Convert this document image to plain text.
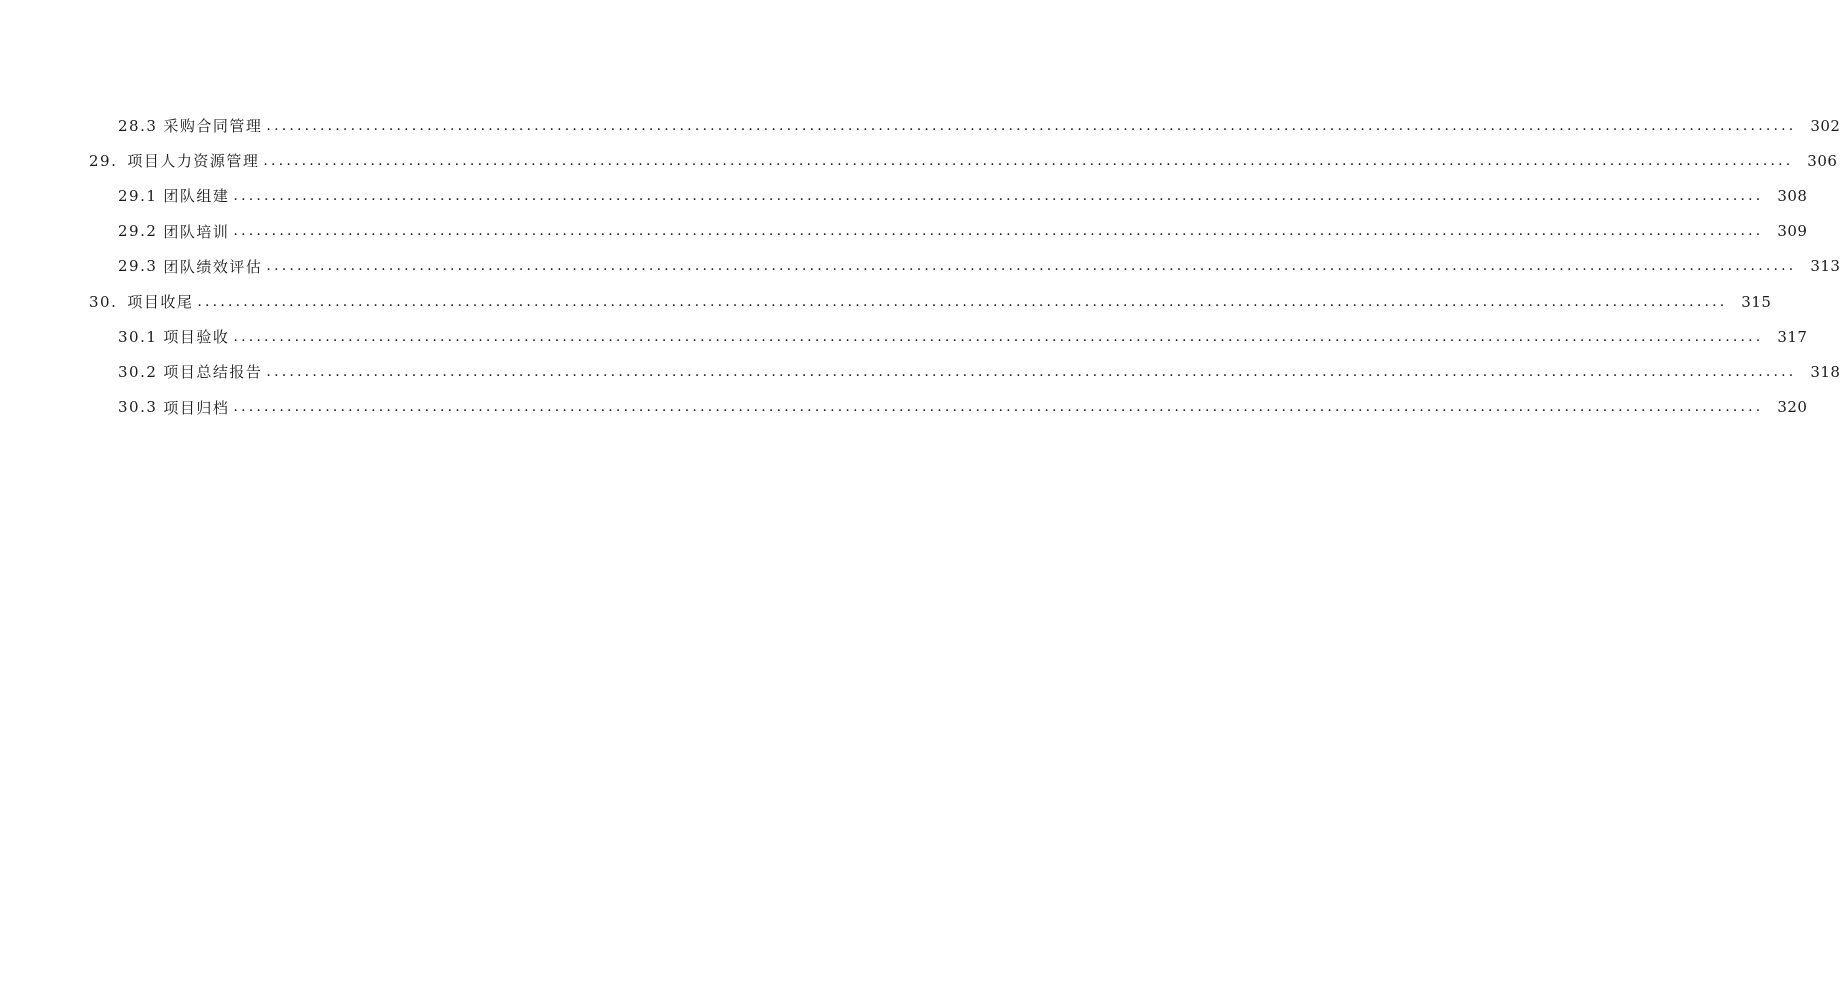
28.3 采购合同管理 ........................................................................................................................................................................................................ 302
29. 项目人力资源管理 ........................................................................................................................................................................................................ 306
29.1 团队组建 ........................................................................................................................................................................................................ 308
29.2 团队培训 ........................................................................................................................................................................................................ 309
29.3 团队绩效评估 ........................................................................................................................................................................................................ 313
30. 项目收尾 ........................................................................................................................................................................................................ 315
30.1 项目验收 ........................................................................................................................................................................................................ 317
30.2 项目总结报告 ........................................................................................................................................................................................................ 318
30.3 项目归档 ........................................................................................................................................................................................................ 320
